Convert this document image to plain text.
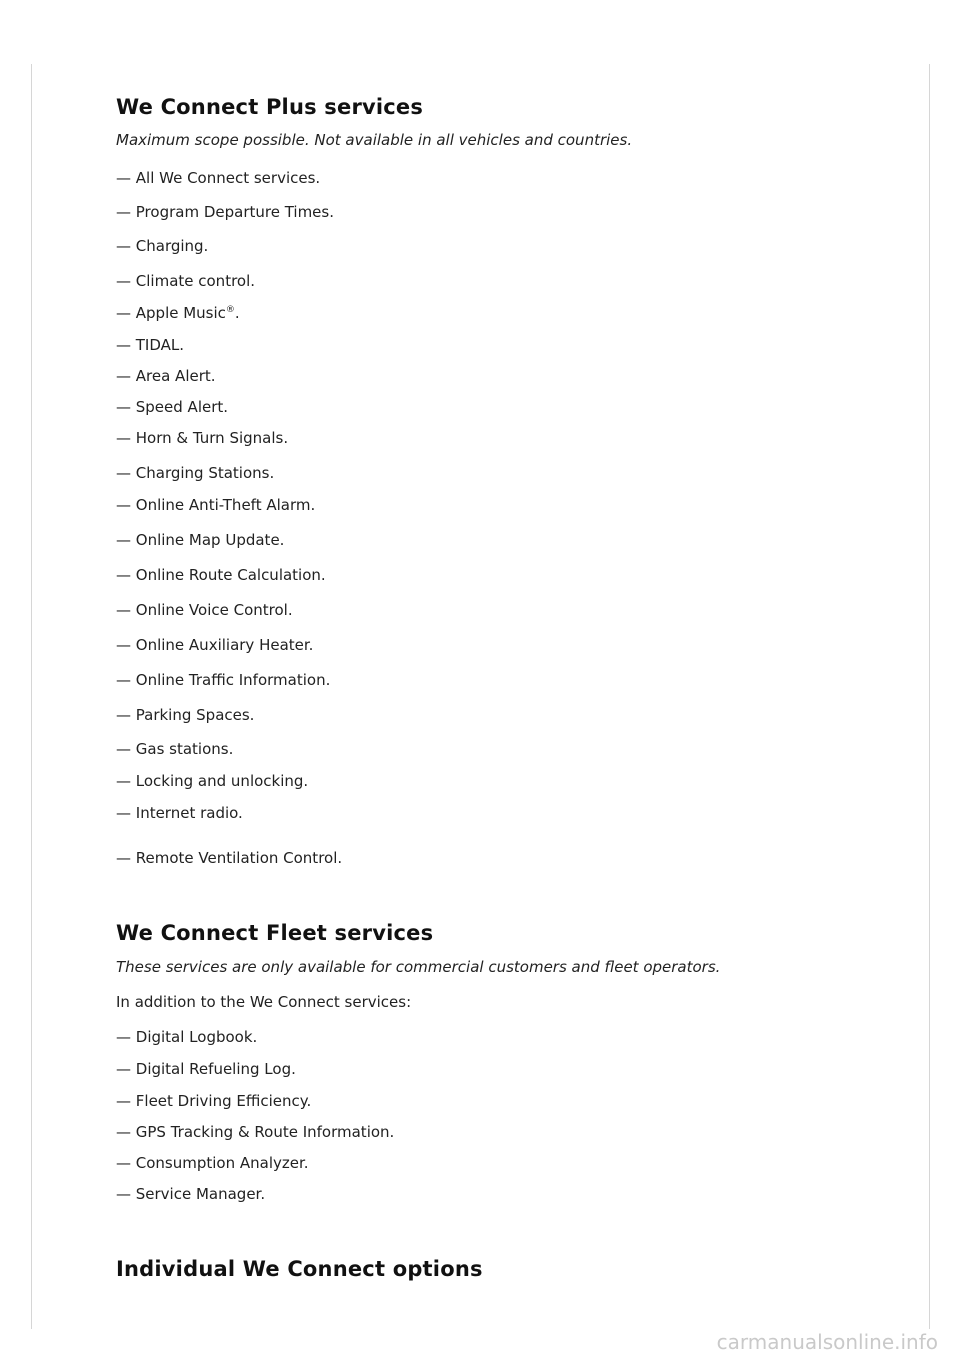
We Connect Plus services

Maximum scope possible. Not available in all vehicles and countries.

— All We Connect services.

— Program Departure Times.

— Charging.

— Climate control.

— Apple Music®.

— TIDAL.

— Area Alert.

— Speed Alert.

— Horn & Turn Signals.

— Charging Stations.

— Online Anti-Theft Alarm.

— Online Map Update.

— Online Route Calculation.

— Online Voice Control.

— Online Auxiliary Heater.

— Online Traffic Information.

— Parking Spaces.

— Gas stations.

— Locking and unlocking.

— Internet radio.

— Remote Ventilation Control.

We Connect Fleet services

These services are only available for commercial customers and fleet operators.

In addition to the We Connect services:

— Digital Logbook.

— Digital Refueling Log.

— Fleet Driving Efficiency.

— GPS Tracking & Route Information.

— Consumption Analyzer.

— Service Manager.

Individual We Connect options
carmanualsonline.info
